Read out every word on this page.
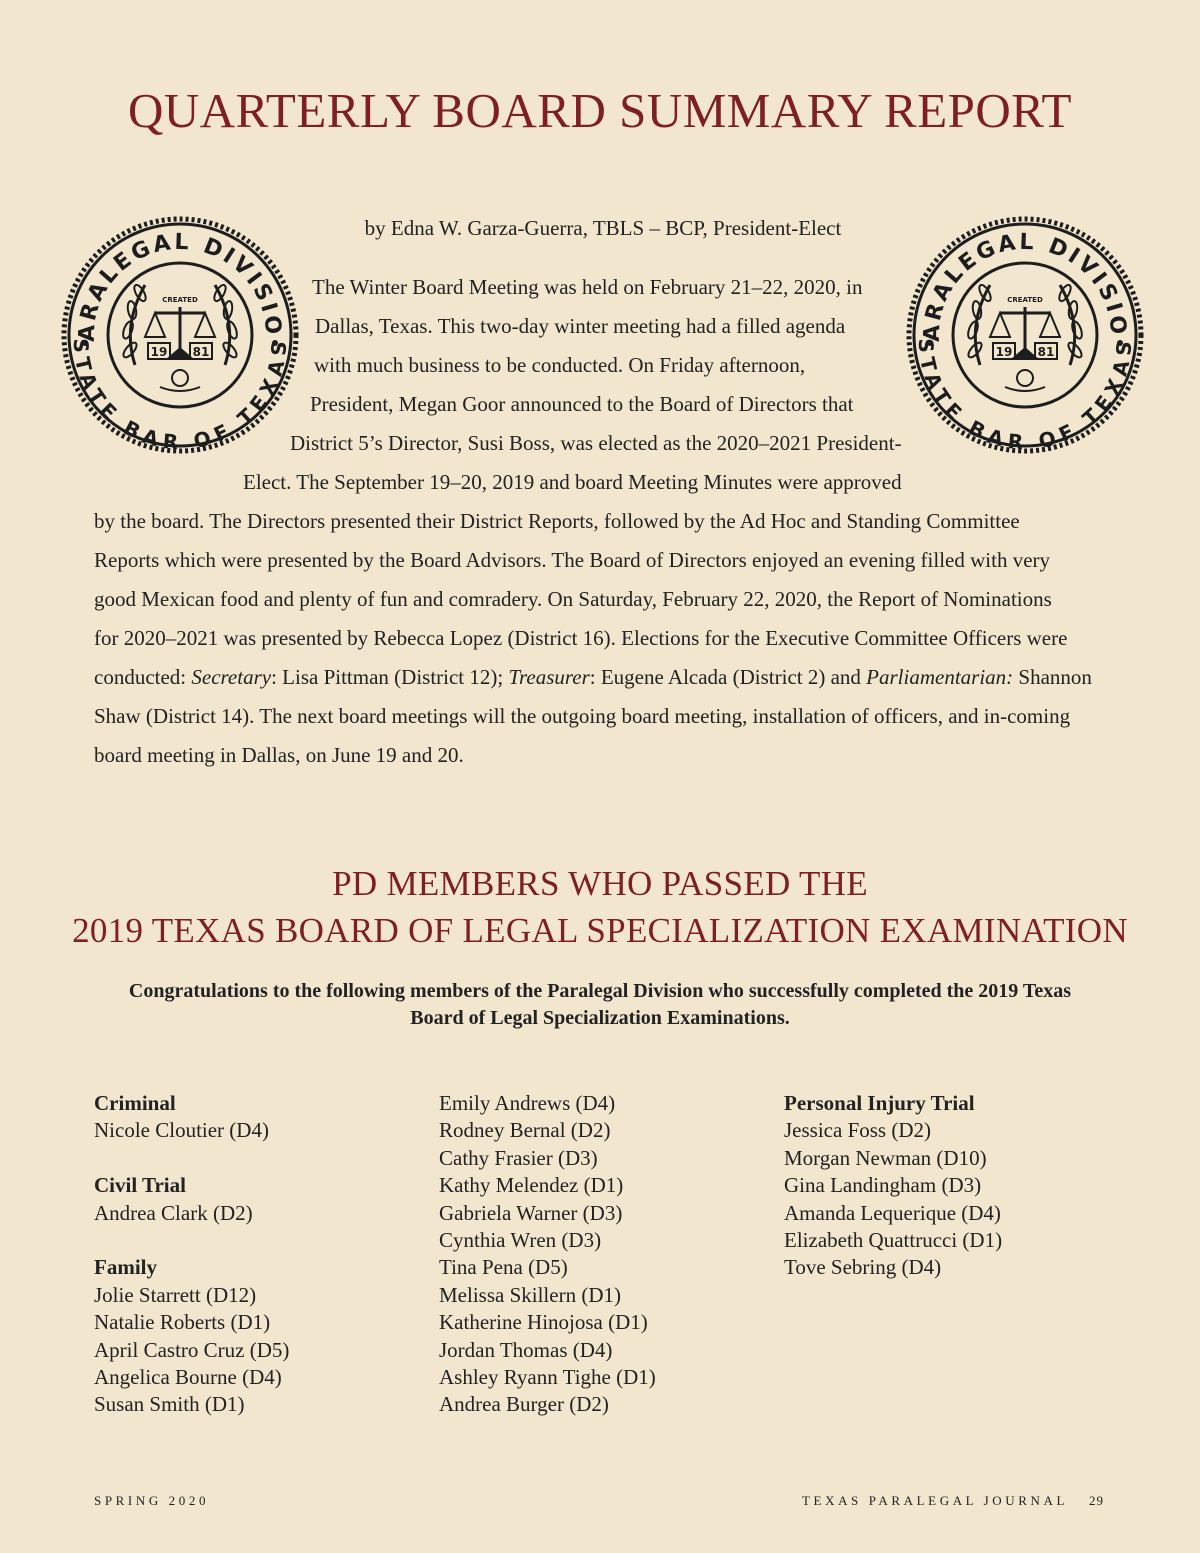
QUARTERLY BOARD SUMMARY REPORT
ARALEGAL DIVISIO
STATE BAR OF TEXAS
CREATED
19 81
ARALEGAL DIVISIO
STATE BAR OF TEXAS
CREATED
19 81
by Edna W. Garza-Guerra, TBLS – BCP, President-Elect
The Winter Board Meeting was held on February 21–22, 2020, in
Dallas, Texas. This two-day winter meeting had a filled agenda
with much business to be conducted. On Friday afternoon,
President, Megan Goor announced to the Board of Directors that
District 5’s Director, Susi Boss, was elected as the 2020–2021 President-
Elect. The September 19–20, 2019 and board Meeting Minutes were approved
by the board. The Directors presented their District Reports, followed by the Ad Hoc and Standing Committee
Reports which were presented by the Board Advisors. The Board of Directors enjoyed an evening filled with very
good Mexican food and plenty of fun and comradery. On Saturday, February 22, 2020, the Report of Nominations
for 2020–2021 was presented by Rebecca Lopez (District 16). Elections for the Executive Committee Officers were
conducted: Secretary: Lisa Pittman (District 12); Treasurer: Eugene Alcada (District 2) and Parliamentarian: Shannon
Shaw (District 14). The next board meetings will the outgoing board meeting, installation of officers, and in-coming
board meeting in Dallas, on June 19 and 20.
PD MEMBERS WHO PASSED THE
2019 TEXAS BOARD OF LEGAL SPECIALIZATION EXAMINATION
Congratulations to the following members of the Paralegal Division who successfully completed the 2019 Texas Board of Legal Specialization Examinations.
Criminal
Nicole Cloutier (D4)
Civil Trial
Andrea Clark (D2)
Family
Jolie Starrett (D12)
Natalie Roberts (D1)
April Castro Cruz (D5)
Angelica Bourne (D4)
Susan Smith (D1)
Emily Andrews (D4)
Rodney Bernal (D2)
Cathy Frasier (D3)
Kathy Melendez (D1)
Gabriela Warner (D3)
Cynthia Wren (D3)
Tina Pena (D5)
Melissa Skillern (D1)
Katherine Hinojosa (D1)
Jordan Thomas (D4)
Ashley Ryann Tighe (D1)
Andrea Burger (D2)
Personal Injury Trial
Jessica Foss (D2)
Morgan Newman (D10)
Gina Landingham (D3)
Amanda Lequerique (D4)
Elizabeth Quattrucci (D1)
Tove Sebring (D4)
SPRING 2020	TEXAS PARALEGAL JOURNAL 29
